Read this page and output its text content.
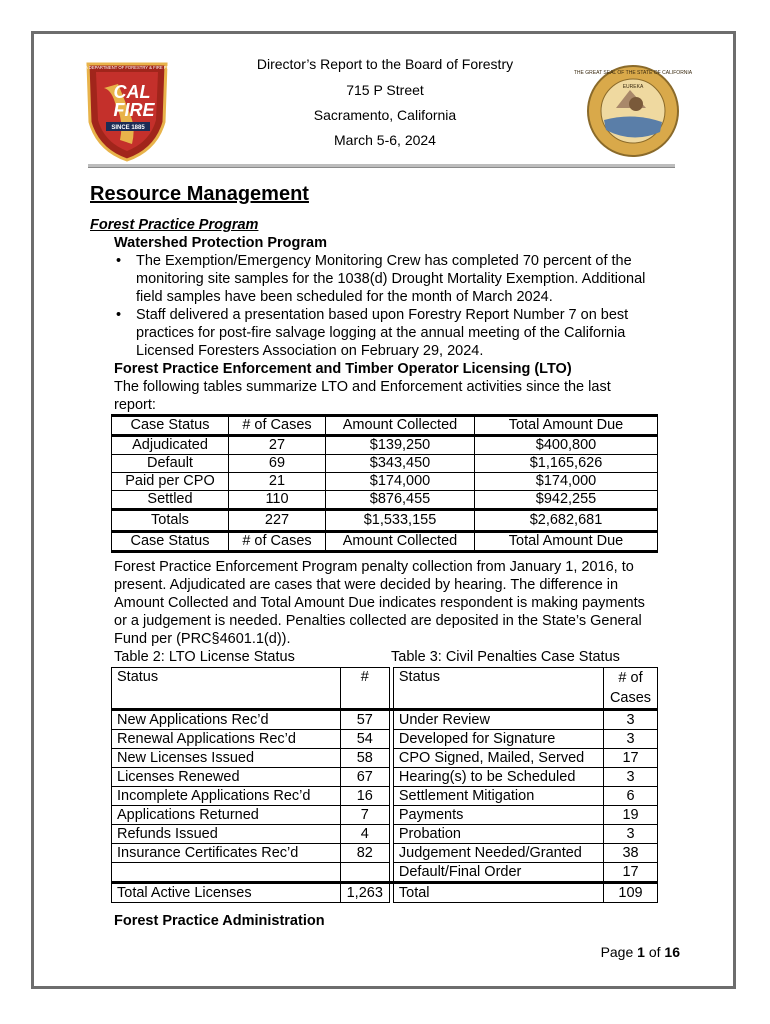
CALIFORNIA DEPARTMENT OF FORESTRY & FIRE PROTECTION
CAL
FIRE
SINCE 1885
THE GREAT SEAL OF THE STATE OF CALIFORNIA
EUREKA
Director’s Report to the Board of Forestry
715 P Street
Sacramento, California
March 5-6, 2024
Resource Management
Forest Practice Program
Watershed Protection Program
• The Exemption/Emergency Monitoring Crew has completed 70 percent of the
monitoring site samples for the 1038(d) Drought Mortality Exemption. Additional
field samples have been scheduled for the month of March 2024.
• Staff delivered a presentation based upon Forestry Report Number 7 on best
practices for post-fire salvage logging at the annual meeting of the California
Licensed Foresters Association on February 29, 2024.
Forest Practice Enforcement and Timber Operator Licensing (LTO)
The following tables summarize LTO and Enforcement activities since the last
report:
Case Status	# of Cases	Amount Collected	Total Amount Due
Adjudicated	27	$139,250	$400,800
Default	69	$343,450	$1,165,626
Paid per CPO	21	$174,000	$174,000
Settled	110	$876,455	$942,255
Totals	227	$1,533,155	$2,682,681
Case Status	# of Cases	Amount Collected	Total Amount Due
Forest Practice Enforcement Program penalty collection from January 1, 2016, to
present. Adjudicated are cases that were decided by hearing. The difference in
Amount Collected and Total Amount Due indicates respondent is making payments
or a judgement is needed. Penalties collected are deposited in the State’s General
Fund per (PRC§4601.1(d)).
Table 2: LTO License Status	Table 3: Civil Penalties Case Status
Status	#		Status	# of Cases
New Applications Rec’d	57		Under Review	3
Renewal Applications Rec’d	54		Developed for Signature	3
New Licenses Issued	58		CPO Signed, Mailed, Served	17
Licenses Renewed	67		Hearing(s) to be Scheduled	3
Incomplete Applications Rec’d	16		Settlement Mitigation	6
Applications Returned	7		Payments	19
Refunds Issued	4		Probation	3
Insurance Certificates Rec’d	82		Judgement Needed/Granted	38
			Default/Final Order	17
Total Active Licenses	1,263		Total	109
Forest Practice Administration
Page 1 of 16
